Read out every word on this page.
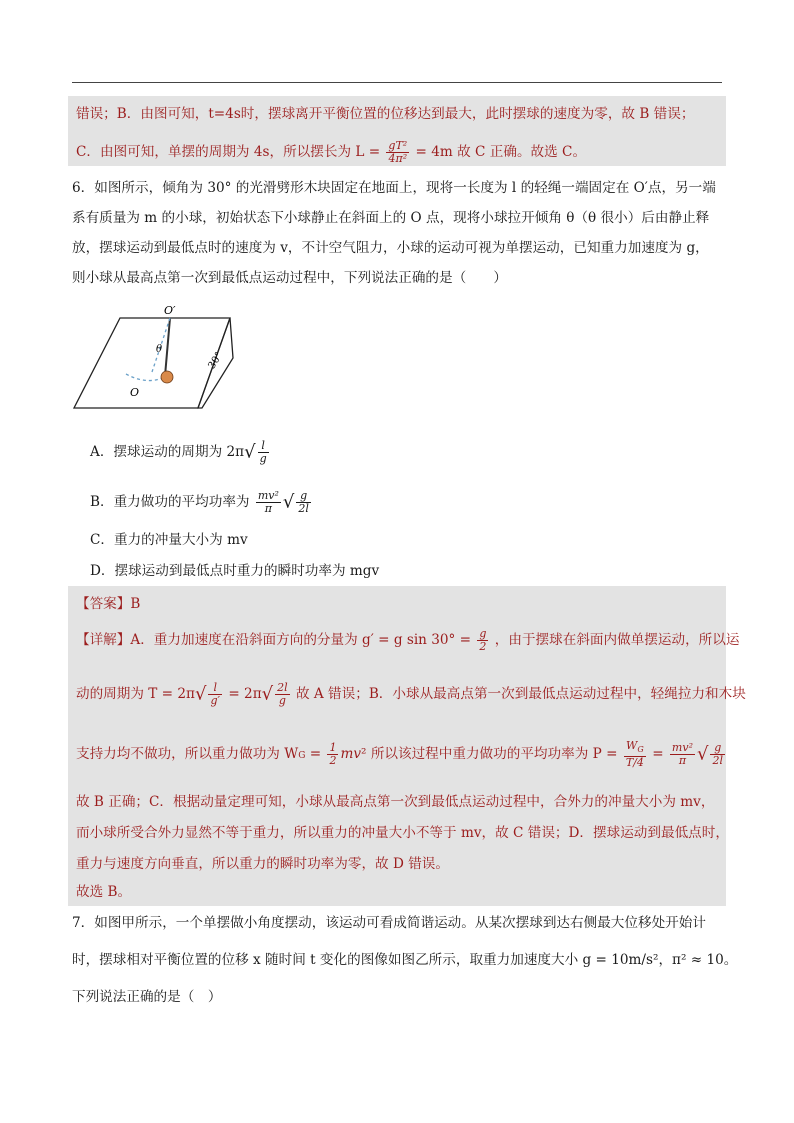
错误；B．由图可知，t=4s时，摆球离开平衡位置的位移达到最大，此时摆球的速度为零，故 B 错误；
C．由图可知，单摆的周期为 4s，所以摆长为 $L = \frac{\text{gT²}}{\text{4π²}} = 4m$ 故 C 正确。故选 C。
6．如图所示，倾角为 30° 的光滑劈形木块固定在地面上，现将一长度为 l 的轻绳一端固定在 O′点，另一端
系有质量为 m 的小球，初始状态下小球静止在斜面上的 O 点，现将小球拉开倾角 θ（θ 很小）后由静止释
放，摆球运动到最低点时的速度为 v，不计空气阻力，小球的运动可视为单摆运动，已知重力加速度为 g，
则小球从最高点第一次到最低点运动过程中，下列说法正确的是（　　）
O′
θ
O
30°
A．摆球运动的周期为 $2\pi√ \frac{l}{g}$
B．重力做功的平均功率为 $\frac{\text{mv²}}{\pi}$ √ $\frac{g}{2l}$
C．重力的冲量大小为 mv
D．摆球运动到最低点时重力的瞬时功率为 mgv
【答案】B
【详解】A．重力加速度在沿斜面方向的分量为 g′ = g $\sin 30^\circ = \frac{g}{2}$ ，由于摆球在斜面内做单摆运动，所以运
动的周期为 $T = 2\pi√ \frac{l}{g'} = 2\pi√ \frac{2l}{g}$ 故 A 错误；B．小球从最高点第一次到最低点运动过程中，轻绳拉力和木块
支持力均不做功，所以重力做功为 WG = $\frac{1}{2} mv^2$ 所以该过程中重力做功的平均功率为 $P = \frac{W_G}{T/4} = \frac{\text{mv²}}{\pi}$ √ $\frac{g}{2l}$
故 B 正确；C．根据动量定理可知，小球从最高点第一次到最低点运动过程中，合外力的冲量大小为 mv，
而小球所受合外力显然不等于重力，所以重力的冲量大小不等于 mv，故 C 错误；D．摆球运动到最低点时，
重力与速度方向垂直，所以重力的瞬时功率为零，故 D 错误。
故选 B。
7．如图甲所示，一个单摆做小角度摆动，该运动可看成简谐运动。从某次摆球到达右侧最大位移处开始计
时，摆球相对平衡位置的位移 x 随时间 t 变化的图像如图乙所示，取重力加速度大小 g = 10m/s²，π² ≈ 10。
下列说法正确的是（　）
